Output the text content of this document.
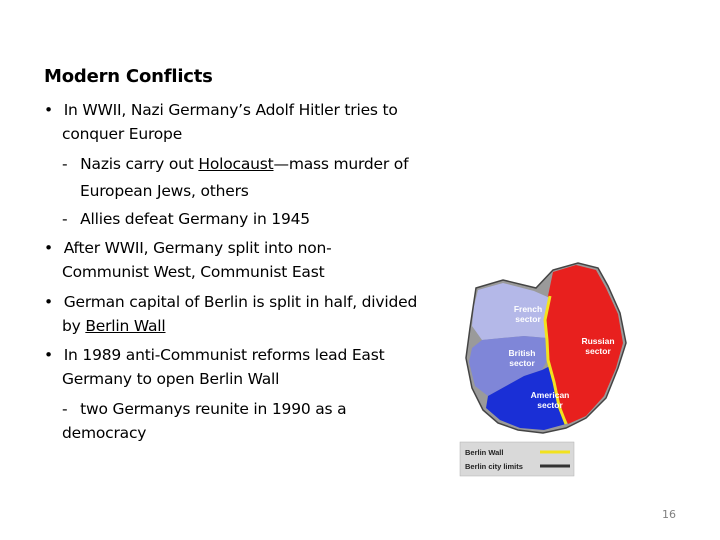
Modern Conflicts
• In WWII, Nazi Germany’s Adolf Hitler tries to
conquer Europe
- Nazis carry out Holocaust—mass murder of
European Jews, others
- Allies defeat Germany in 1945
• After WWII, Germany split into non-
Communist West, Communist East
• German capital of Berlin is split in half, divided
by Berlin Wall
• In 1989 anti-Communist reforms lead East
Germany to open Berlin Wall
- two Germanys reunite in 1990 as a
democracy
French
sector
British
sector
Russian
sector
American
sector
Berlin Wall
Berlin city limits
16
